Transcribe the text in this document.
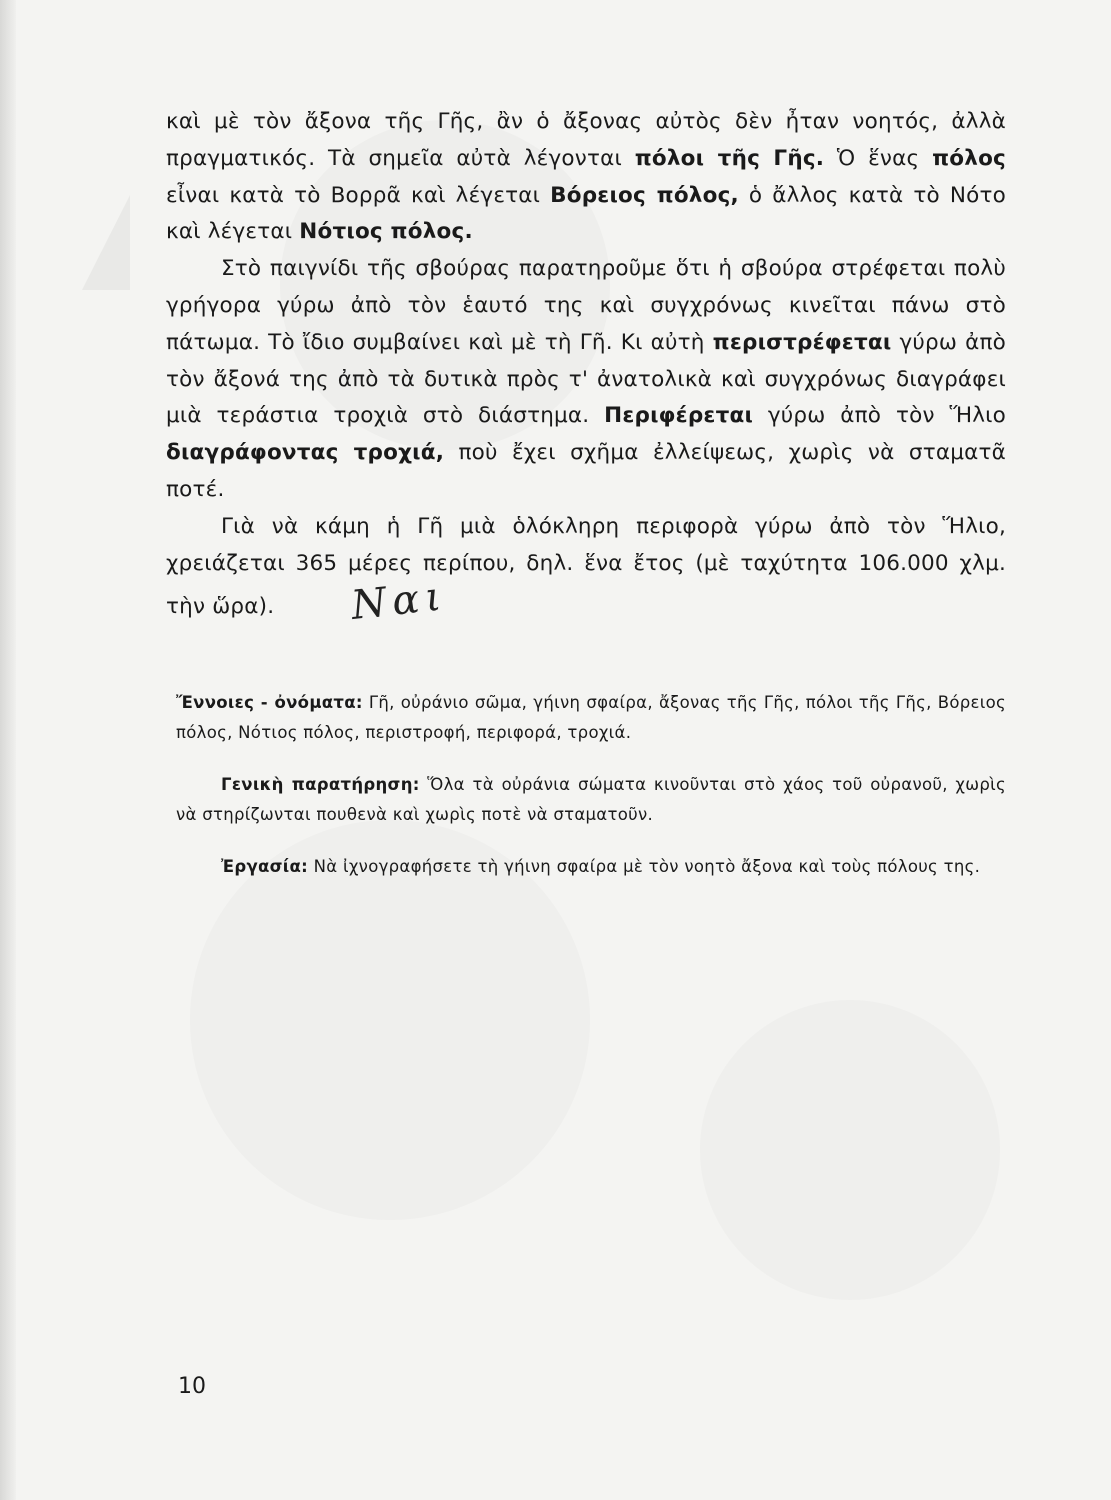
καὶ μὲ τὸν ἄξονα τῆς Γῆς, ἂν ὁ ἄξονας αὐτὸς δὲν ἦταν νοητός, ἀλλὰ πραγματικός. Τὰ σημεῖα αὐτὰ λέγονται πόλοι τῆς Γῆς. Ὁ ἕνας πόλος εἶναι κατὰ τὸ Βορρᾶ καὶ λέγεται Βόρειος πόλος, ὁ ἄλλος κατὰ τὸ Νότο καὶ λέγεται Νότιος πόλος.

Στὸ παιγνίδι τῆς σβούρας παρατηροῦμε ὅτι ἡ σβούρα στρέφεται πολὺ γρήγορα γύρω ἀπὸ τὸν ἑαυτό της καὶ συγχρόνως κινεῖται πάνω στὸ πάτωμα. Τὸ ἴδιο συμβαίνει καὶ μὲ τὴ Γῆ. Κι αὐτὴ περιστρέφεται γύρω ἀπὸ τὸν ἄξονά της ἀπὸ τὰ δυτικὰ πρὸς τ' ἀνατολικὰ καὶ συγχρόνως διαγράφει μιὰ τεράστια τροχιὰ στὸ διάστημα. Περιφέρεται γύρω ἀπὸ τὸν Ἥλιο διαγράφοντας τροχιά, ποὺ ἔχει σχῆμα ἐλλείψεως, χωρὶς νὰ σταματᾶ ποτέ.

Γιὰ νὰ κάμη ἡ Γῆ μιὰ ὁλόκληρη περιφορὰ γύρω ἀπὸ τὸν Ἥλιο, χρειάζεται 365 μέρες περίπου, δηλ. ἕνα ἔτος (μὲ ταχύτητα 106.000 χλμ. τὴν ὥρα). Ναι

Ἔννοιες - ὀνόματα: Γῆ, οὐράνιο σῶμα, γήινη σφαίρα, ἄξονας τῆς Γῆς, πόλοι τῆς Γῆς, Βόρειος πόλος, Νότιος πόλος, περιστροφή, περιφορά, τροχιά.

Γενικὴ παρατήρηση: Ὅλα τὰ οὐράνια σώματα κινοῦνται στὸ χάος τοῦ οὐρανοῦ, χωρὶς νὰ στηρίζωνται πουθενὰ καὶ χωρὶς ποτὲ νὰ σταματοῦν.

Ἐργασία: Νὰ ἰχνογραφήσετε τὴ γήινη σφαίρα μὲ τὸν νοητὸ ἄξονα καὶ τοὺς πόλους της.

10
